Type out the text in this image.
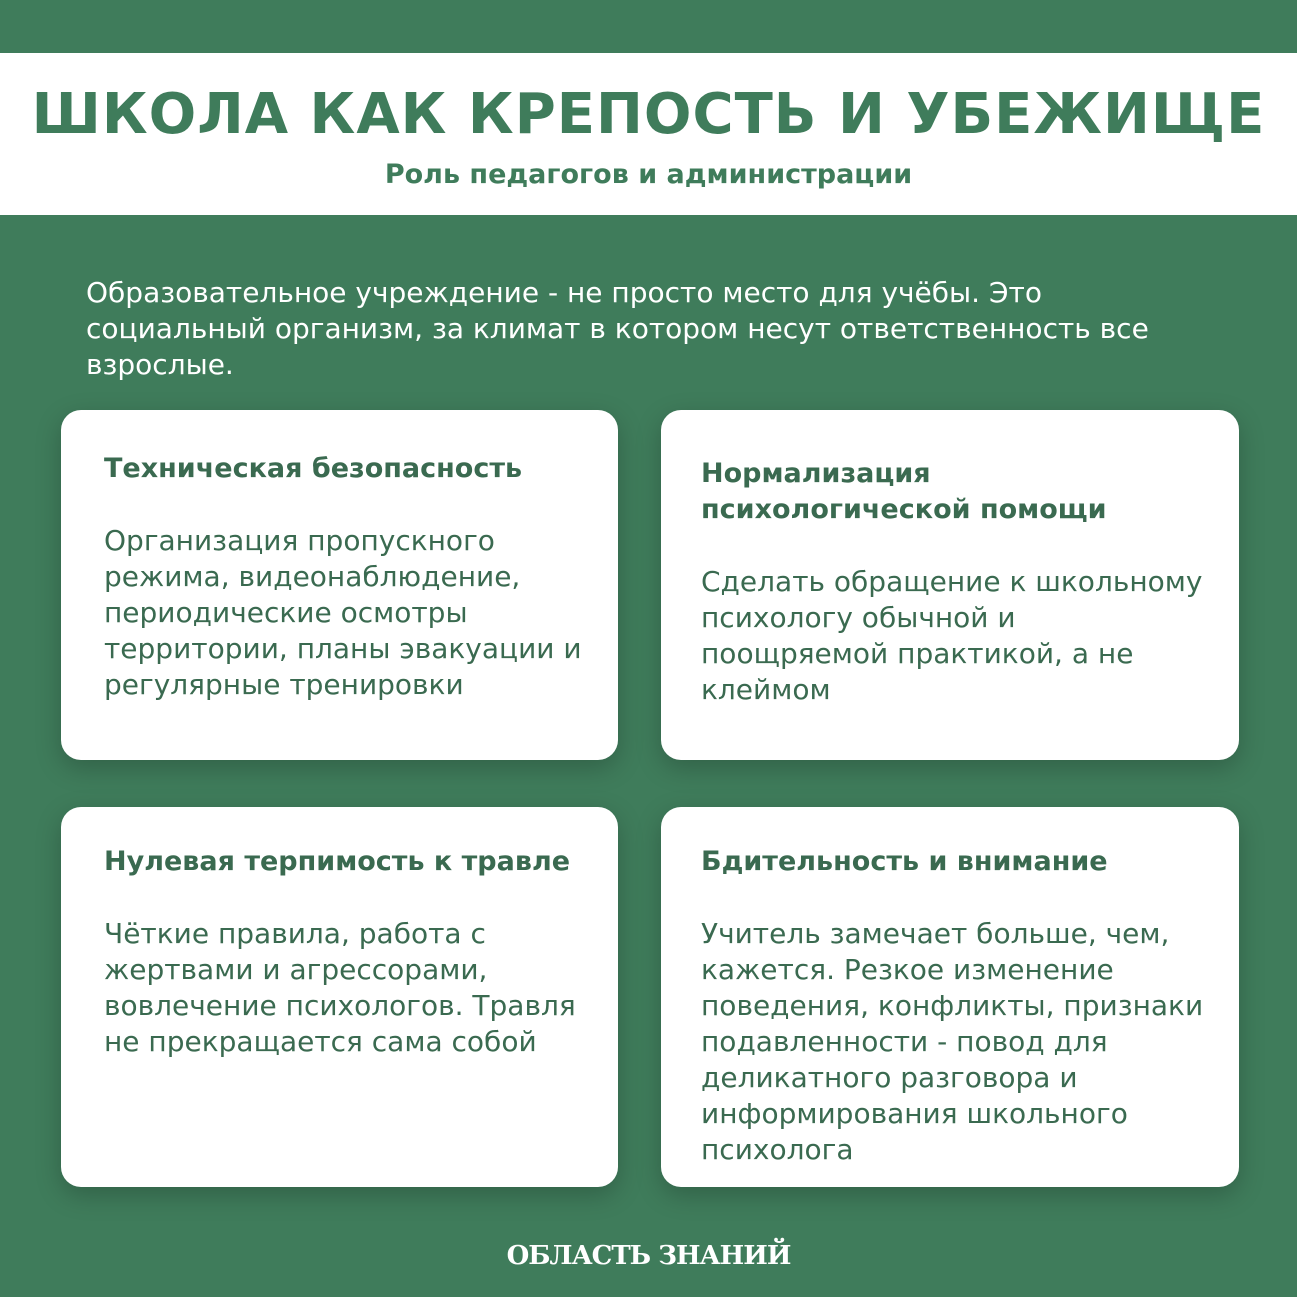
ШКОЛА КАК КРЕПОСТЬ И УБЕЖИЩЕ
Роль педагогов и администрации
Образовательное учреждение - не просто место для учёбы. Это социальный организм, за климат в котором несут ответственность все взрослые.
Техническая безопасность
Организация пропускного режима, видеонаблюдение, периодические осмотры территории, планы эвакуации и регулярные тренировки
Нормализация психологической помощи
Сделать обращение к школьному психологу обычной и поощряемой практикой, а не клеймом
Нулевая терпимость к травле
Чёткие правила, работа с жертвами и агрессорами, вовлечение психологов. Травля не прекращается сама собой
Бдительность и внимание
Учитель замечает больше, чем, кажется. Резкое изменение поведения, конфликты, признаки подавленности - повод для деликатного разговора и информирования школьного психолога
ОБЛАСТЬ ЗНАНИЙ
